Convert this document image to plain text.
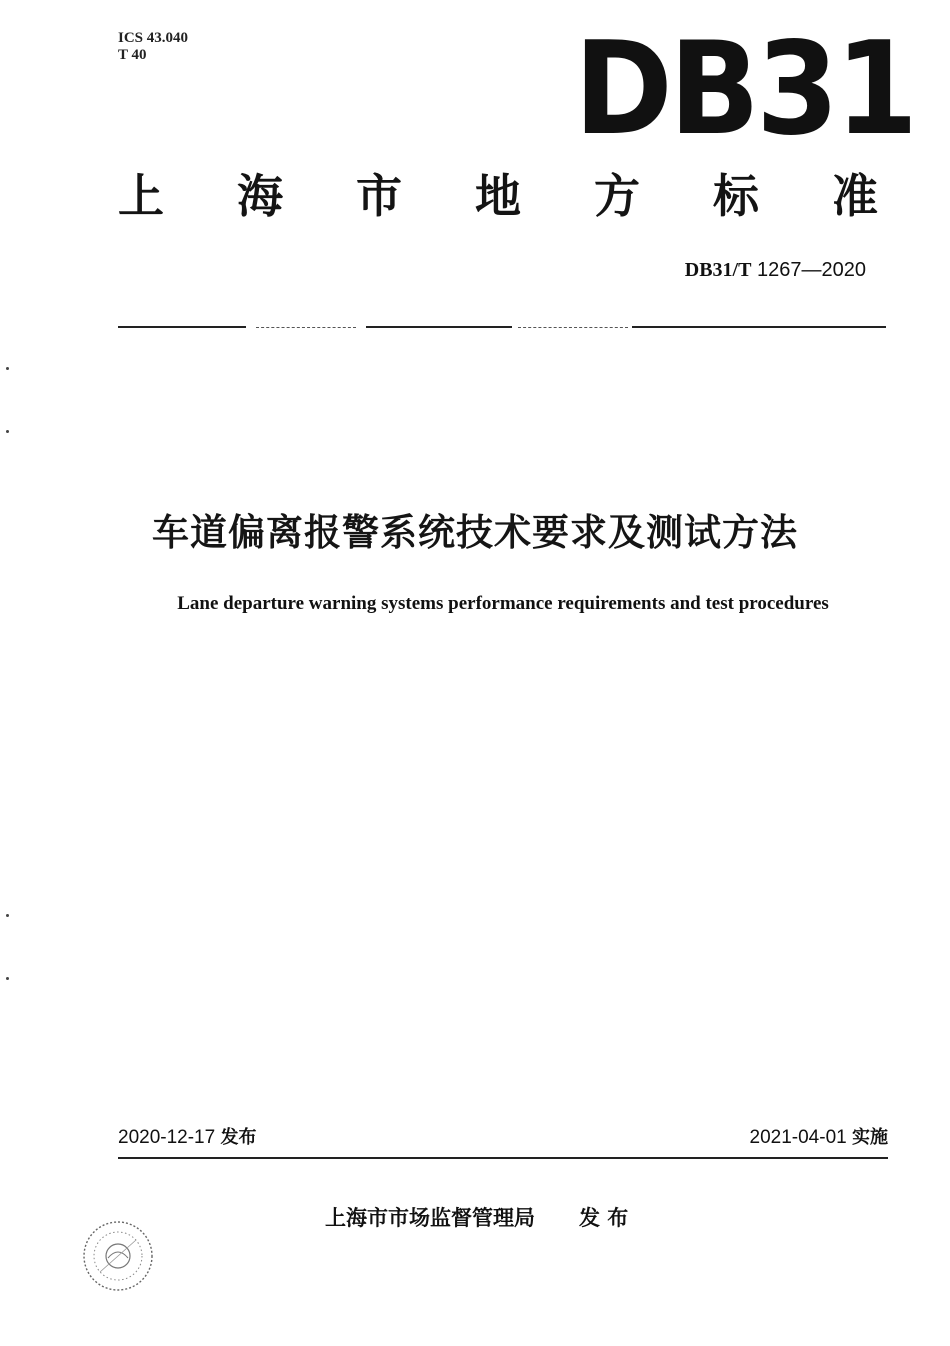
ICS 43.040
T 40	DB31
上 海 市 地 方 标 准
DB31/T 1267—2020
车道偏离报警系统技术要求及测试方法
Lane departure warning systems performance requirements and test procedures
2020-12-17 发布	2021-04-01 实施
上海市市场监督管理局 发 布
